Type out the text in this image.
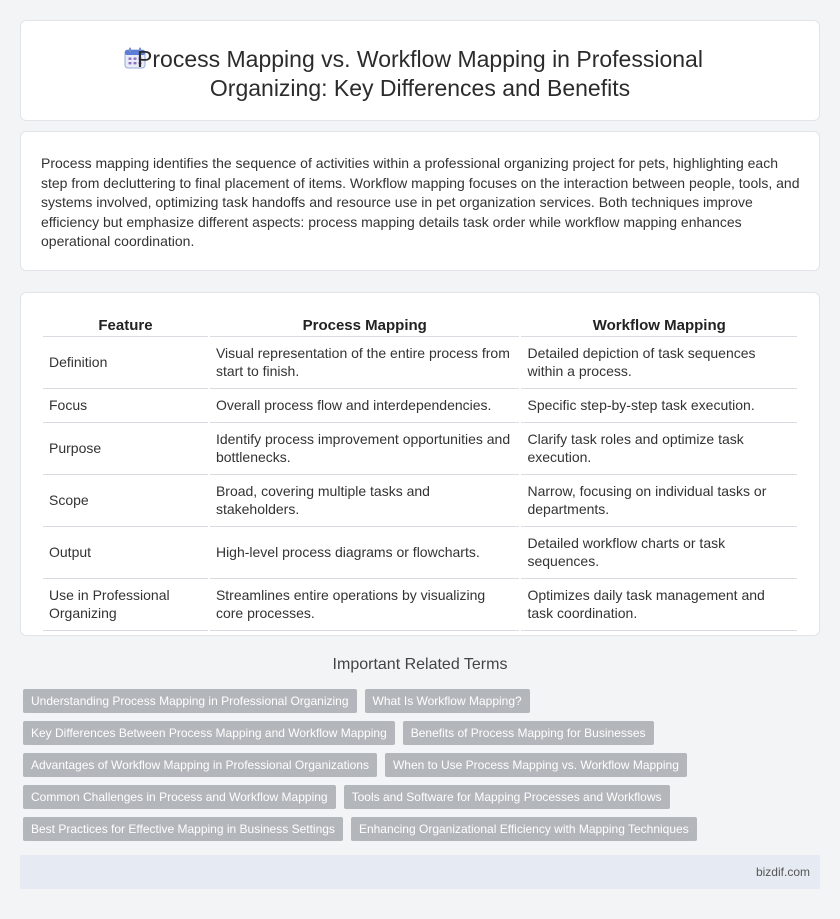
Process Mapping vs. Workflow Mapping in Professional
Organizing: Key Differences and Benefits

Process mapping identifies the sequence of activities within a professional organizing project for pets, highlighting each step from decluttering to final placement of items. Workflow mapping focuses on the interaction between people, tools, and systems involved, optimizing task handoffs and resource use in pet organization services. Both techniques improve efficiency but emphasize different aspects: process mapping details task order while workflow mapping enhances operational coordination.

Feature	Process Mapping	Workflow Mapping
Definition	Visual representation of the entire process from start to finish.	Detailed depiction of task sequences within a process.
Focus	Overall process flow and interdependencies.	Specific step-by-step task execution.
Purpose	Identify process improvement opportunities and bottlenecks.	Clarify task roles and optimize task execution.
Scope	Broad, covering multiple tasks and stakeholders.	Narrow, focusing on individual tasks or departments.
Output	High-level process diagrams or flowcharts.	Detailed workflow charts or task sequences.
Use in Professional Organizing	Streamlines entire operations by visualizing core processes.	Optimizes daily task management and task coordination.
Important Related Terms
Understanding Process Mapping in Professional Organizing	What Is Workflow Mapping?
Key Differences Between Process Mapping and Workflow Mapping	Benefits of Process Mapping for Businesses
Advantages of Workflow Mapping in Professional Organizations	When to Use Process Mapping vs. Workflow Mapping
Common Challenges in Process and Workflow Mapping	Tools and Software for Mapping Processes and Workflows
Best Practices for Effective Mapping in Business Settings	Enhancing Organizational Efficiency with Mapping Techniques
bizdif.com
